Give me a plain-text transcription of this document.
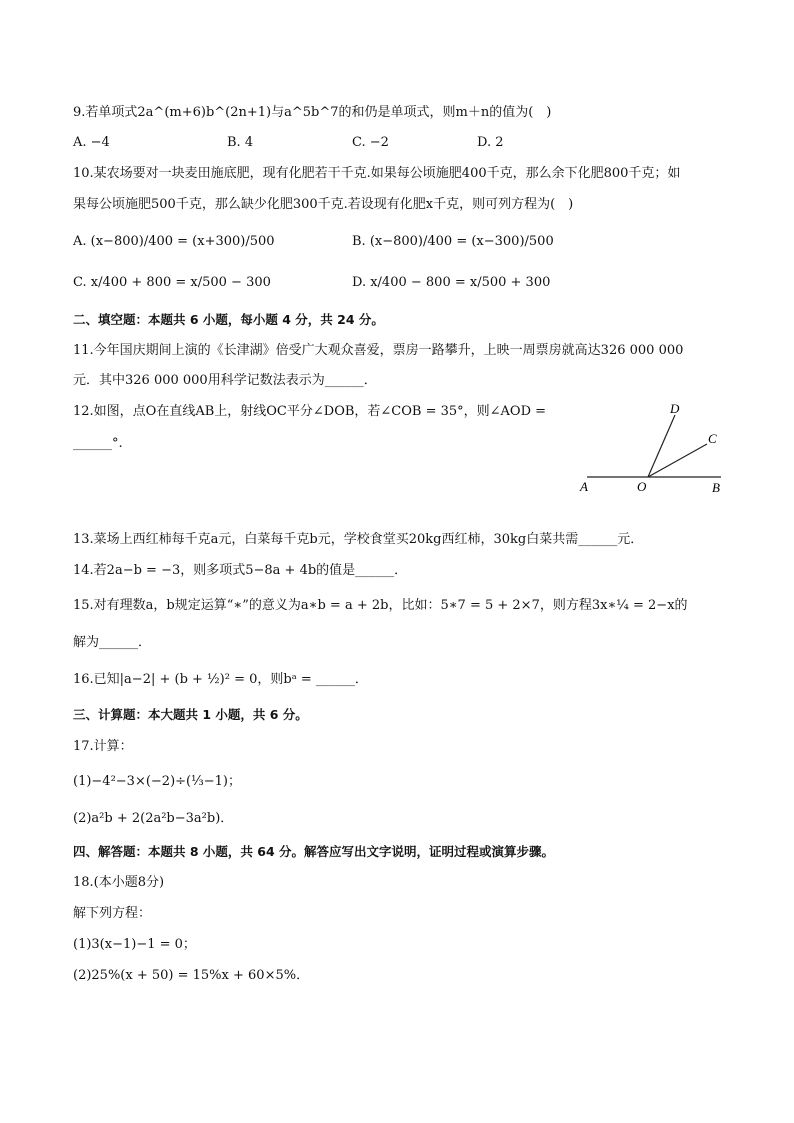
9.若单项式2a^(m+6)b^(2n+1)与a^5b^7的和仍是单项式，则m＋n的值为(　)
A. −4	B. 4	C. −2	D. 2
10.某农场要对一块麦田施底肥，现有化肥若干千克.如果每公顷施肥400千克，那么余下化肥800千克；如
果每公顷施肥500千克，那么缺少化肥300千克.若设现有化肥x千克，则可列方程为(　)
A. (x−800)/400 = (x+300)/500	B. (x−800)/400 = (x−300)/500
C. x/400 + 800 = x/500 − 300	D. x/400 − 800 = x/500 + 300
二、填空题：本题共 6 小题，每小题 4 分，共 24 分。
11.今年国庆期间上演的《长津湖》倍受广大观众喜爱，票房一路攀升，上映一周票房就高达326 000 000
元．其中326 000 000用科学记数法表示为______．
12.如图，点O在直线AB上，射线OC平分∠DOB，若∠COB = 35°，则∠AOD =
______°.
A	O	B
C
D
13.菜场上西红柿每千克a元，白菜每千克b元，学校食堂买20kg西红柿，30kg白菜共需______元．
14.若2a−b = −3，则多项式5−8a + 4b的值是______．
15.对有理数a，b规定运算“∗”的意义为a∗b = a + 2b，比如：5∗7 = 5 + 2×7，则方程3x∗¼ = 2−x的
解为______．
16.已知|a−2| + (b + ½)² = 0，则bᵃ = ______．
三、计算题：本大题共 1 小题，共 6 分。
17.计算：
(1)−4²−3×(−2)÷(⅓−1)；
(2)a²b + 2(2a²b−3a²b)．
四、解答题：本题共 8 小题，共 64 分。解答应写出文字说明，证明过程或演算步骤。
18.(本小题8分)
解下列方程：
(1)3(x−1)−1 = 0；
(2)25%(x + 50) = 15%x + 60×5%．
